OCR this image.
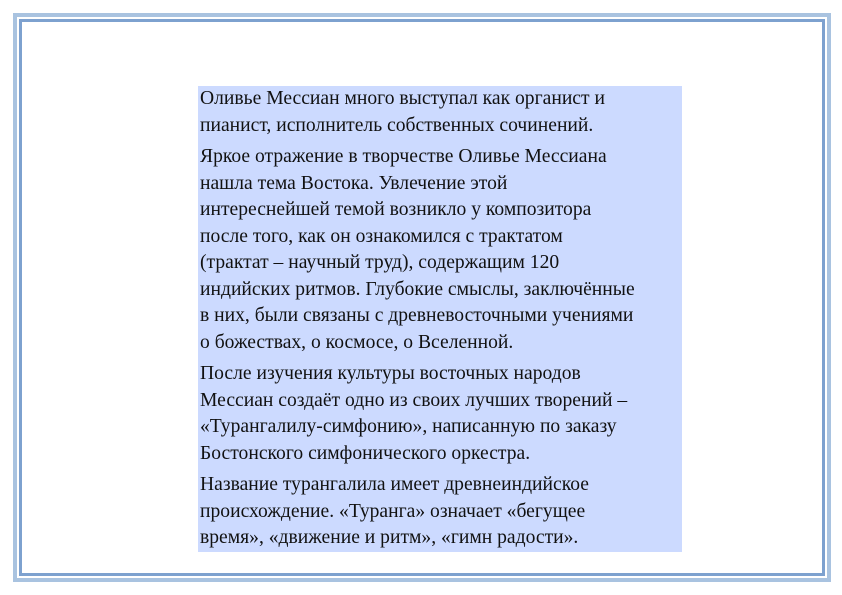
Оливье Мессиан много выступал как органист и
пианист, исполнитель собственных сочинений.

Яркое отражение в творчестве Оливье Мессиана
нашла тема Востока. Увлечение этой
интереснейшей темой возникло у композитора
после того, как он ознакомился с трактатом
(трактат – научный труд), содержащим 120
индийских ритмов. Глубокие смыслы, заключённые
в них, были связаны с древневосточными учениями
о божествах, о космосе, о Вселенной.

После изучения культуры восточных народов
Мессиан создаёт одно из своих лучших творений –
«Турангалилу-симфонию», написанную по заказу
Бостонского симфонического оркестра.

Название турангалила имеет древнеиндийское
происхождение. «Туранга» означает «бегущее
время», «движение и ритм», «гимн радости».
